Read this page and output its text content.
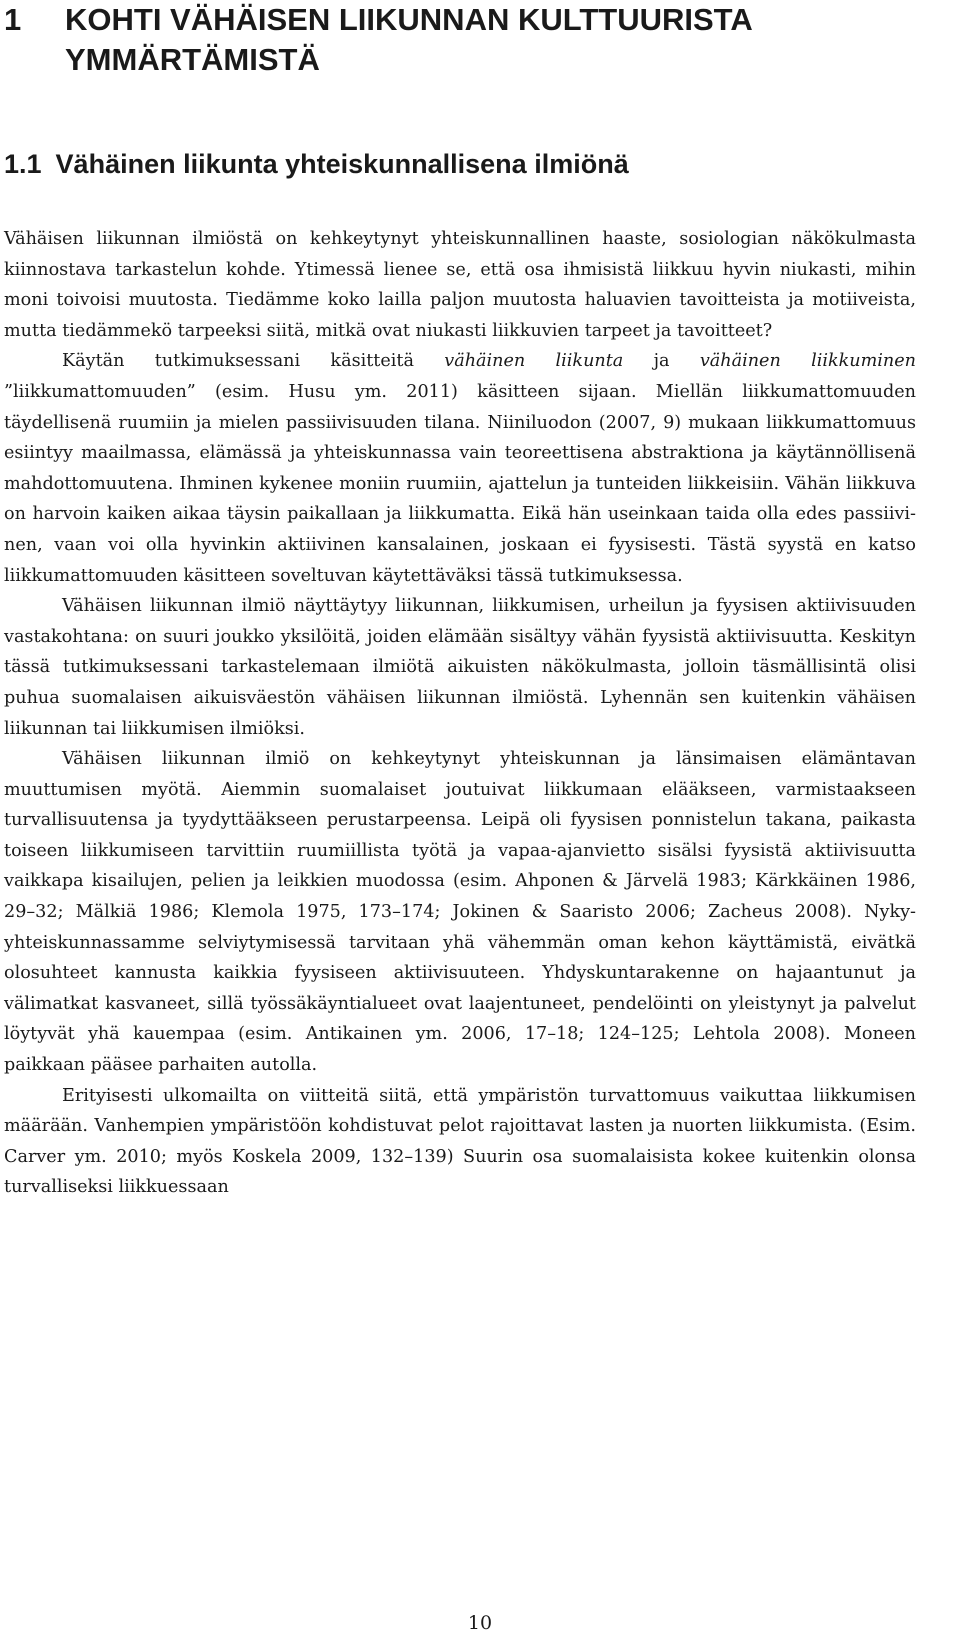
1 KOHTI VÄHÄISEN LIIKUNNAN KULTTUURISTA YMMÄRTÄMISTÄ
1.1 Vähäinen liikunta yhteiskunnallisena ilmiönä

Vähäisen liikunnan ilmiöstä on kehkeytynyt yhteiskunnallinen haaste, sosiologian näkökulmasta kiinnostava tarkastelun kohde. Ytimessä lienee se, että osa ihmisistä liikkuu hyvin niukasti, mihin moni toivoisi muutosta. Tiedämme koko lailla paljon muutosta haluavien tavoitteista ja motiiveista, mutta tiedämmekö tarpeeksi siitä, mitkä ovat niukasti liikkuvien tarpeet ja tavoitteet?

Käytän tutkimuksessani käsitteitä vähäinen liikunta ja vähäinen liikkuminen ”liikkumattomuuden” (esim. Husu ym. 2011) käsitteen sijaan. Miellän liikkumattomuuden täydellisenä ruumiin ja mielen passiivisuuden tilana. Niiniluodon (2007, 9) mukaan liikkumattomuus esiintyy maailmassa, elämässä ja yhteiskunnassa vain teoreettisena abstraktiona ja käytännöllisenä mahdottomuutena. Ihminen kykenee moniin ruumiin, ajattelun ja tunteiden liikkeisiin. Vähän liikkuva on harvoin kaiken aikaa täysin paikallaan ja liikkumatta. Eikä hän useinkaan taida olla edes passiivinen, vaan voi olla hyvinkin aktiivinen kansalainen, joskaan ei fyysisesti. Tästä syystä en katso liikkumattomuuden käsitteen soveltuvan käytettäväksi tässä tutkimuksessa.

Vähäisen liikunnan ilmiö näyttäytyy liikunnan, liikkumisen, urheilun ja fyysisen aktiivisuuden vastakohtana: on suuri joukko yksilöitä, joiden elämään sisältyy vähän fyysistä aktiivisuutta. Keskityn tässä tutkimuksessani tarkastelemaan ilmiötä aikuisten näkökulmasta, jolloin täsmällisintä olisi puhua suomalaisen aikuisväestön vähäisen liikunnan ilmiöstä. Lyhennän sen kuitenkin vähäisen liikunnan tai liikkumisen ilmiöksi.

Vähäisen liikunnan ilmiö on kehkeytynyt yhteiskunnan ja länsimaisen elämäntavan muuttumisen myötä. Aiemmin suomalaiset joutuivat liikkumaan elääkseen, varmistaakseen turvallisuutensa ja tyydyttääkseen perustarpeensa. Leipä oli fyysisen ponnistelun takana, paikasta toiseen liikkumiseen tarvittiin ruumiillista työtä ja vapaa-ajanvietto sisälsi fyysistä aktiivisuutta vaikkapa kisailujen, pelien ja leikkien muodossa (esim. Ahponen & Järvelä 1983; Kärkkäinen 1986, 29–32; Mälkiä 1986; Klemola 1975, 173–174; Jokinen & Saaristo 2006; Zacheus 2008). Nykyyhteiskunnassamme selviytymisessä tarvitaan yhä vähemmän oman kehon käyttämistä, eivätkä olosuhteet kannusta kaikkia fyysiseen aktiivisuuteen. Yhdyskuntarakenne on hajaantunut ja välimatkat kasvaneet, sillä työssäkäyntialueet ovat laajentuneet, pendelöinti on yleistynyt ja palvelut löytyvät yhä kauempaa (esim. Antikainen ym. 2006, 17–18; 124–125; Lehtola 2008). Moneen paikkaan pääsee parhaiten autolla.

Erityisesti ulkomailta on viitteitä siitä, että ympäristön turvattomuus vaikuttaa liikkumisen määrään. Vanhempien ympäristöön kohdistuvat pelot rajoittavat lasten ja nuorten liikkumista. (Esim. Carver ym. 2010; myös Koskela 2009, 132–139) Suurin osa suomalaisista kokee kuitenkin olonsa turvalliseksi liikkuessaan

10
